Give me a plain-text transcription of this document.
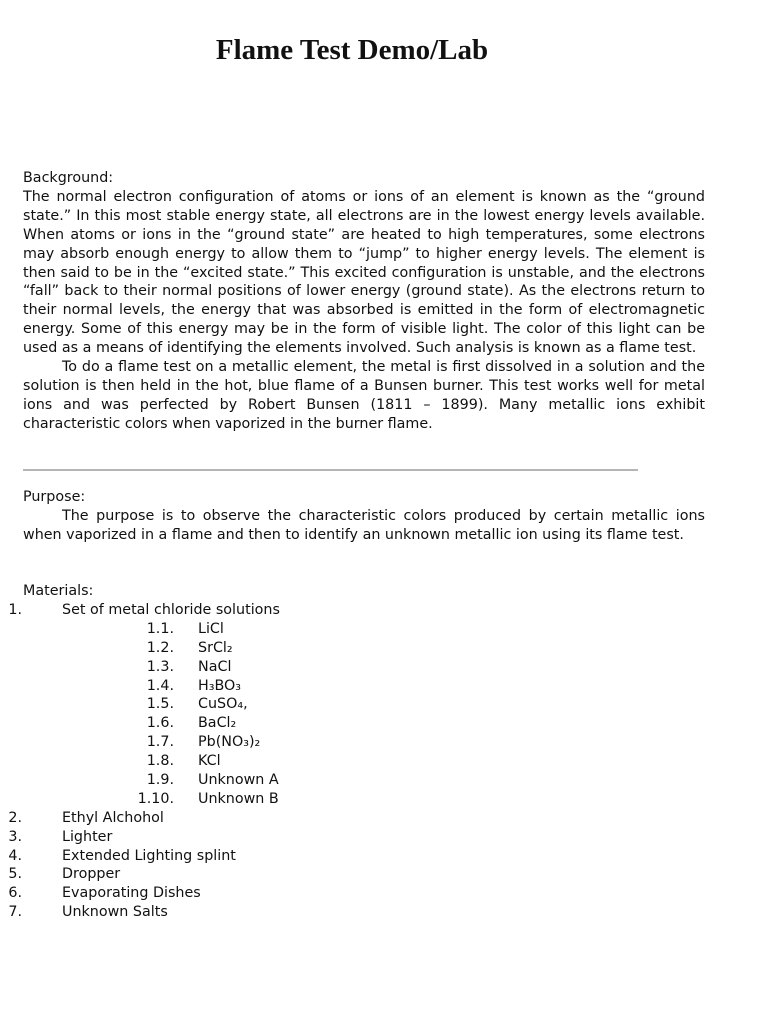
Flame Test Demo/Lab
Background:

The normal electron configuration of atoms or ions of an element is known as the “ground state.” In this most stable energy state, all electrons are in the lowest energy levels available. When atoms or ions in the “ground state” are heated to high temperatures, some electrons may absorb enough energy to allow them to “jump” to higher energy levels. The element is then said to be in the “excited state.” This excited configuration is unstable, and the electrons “fall” back to their normal positions of lower energy (ground state). As the electrons return to their normal levels, the energy that was absorbed is emitted in the form of electromagnetic energy. Some of this energy may be in the form of visible light. The color of this light can be used as a means of identifying the elements involved. Such analysis is known as a flame test.

To do a flame test on a metallic element, the metal is first dissolved in a solution and the solution is then held in the hot, blue flame of a Bunsen burner. This test works well for metal ions and was perfected by Robert Bunsen (1811 – 1899). Many metallic ions exhibit characteristic colors when vaporized in the burner flame.

Purpose:

The purpose is to observe the characteristic colors produced by certain metallic ions when vaporized in a flame and then to identify an unknown metallic ion using its flame test.

Materials:
1.	Set of metal chloride solutions
1.1. LiCl
1.2. SrCl₂
1.3. NaCl
1.4. H₃BO₃
1.5. CuSO₄,
1.6. BaCl₂
1.7. Pb(NO₃)₂
1.8. KCl
1.9. Unknown A
1.10. Unknown B
2.	Ethyl Alchohol
3.	Lighter
4.	Extended Lighting splint
5.	Dropper
6.	Evaporating Dishes
7.	Unknown Salts
